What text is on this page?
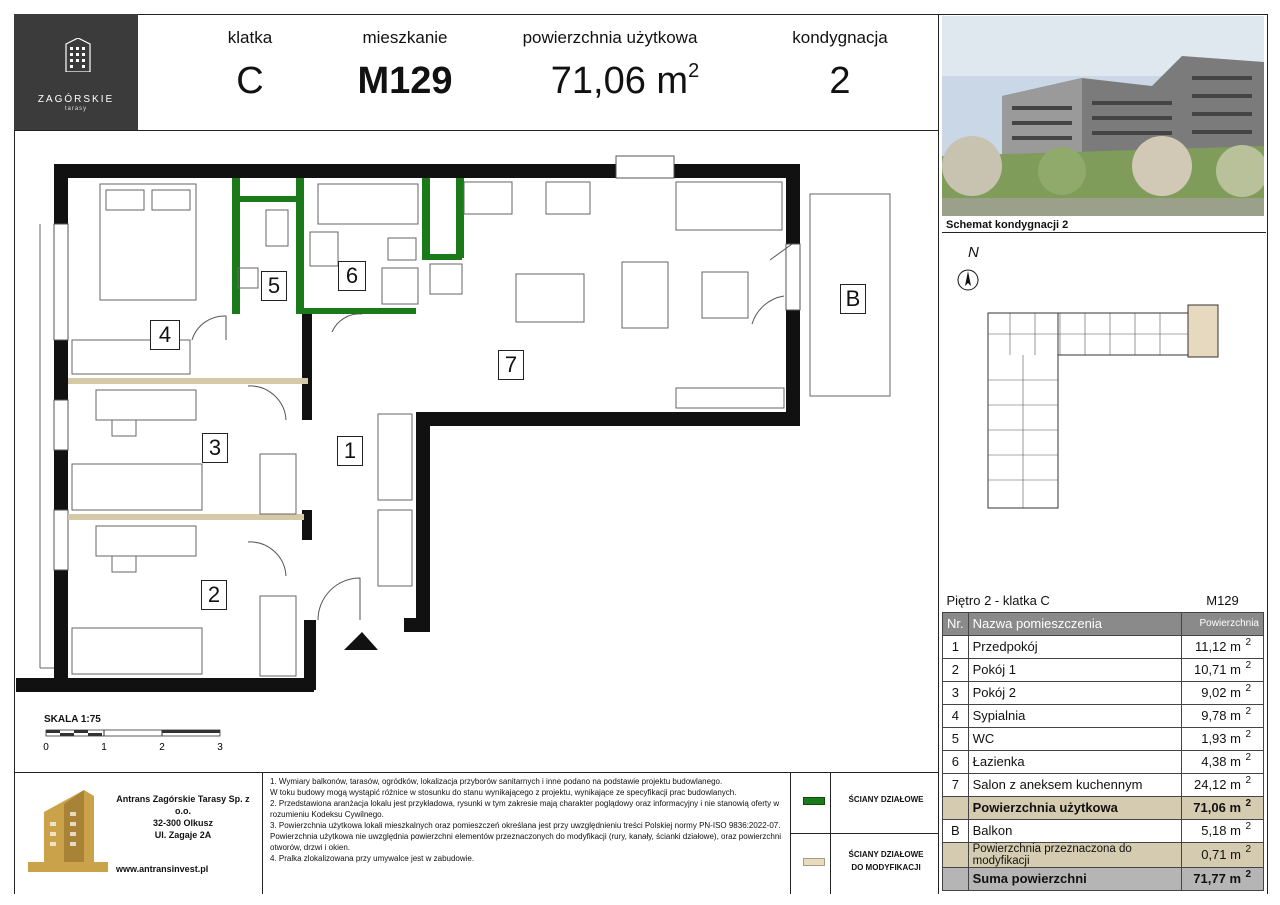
ZAGÓRSKIE
tarasy
klatka
C
mieszkanie
M129
powierzchnia użytkowa
71,06 $m^2$
kondygnacja
2
4
5	6
7
3	1
2
B
Schemat kondygnacji 2
N
Piętro 2 - klatka C		M129
Nr.	Nazwa pomieszczenia	Powierzchnia
1	Przedpokój	11,12 m 2

2	Pokój 1	10,71 m 2

3	Pokój 2	9,02 m 2

4	Sypialnia	9,78 m 2

5	WC	1,93 m 2

6	Łazienka	4,38 m 2

7	Salon z aneksem kuchennym	24,12 m 2

	Powierzchnia użytkowa	71,06 m 2

B	Balkon	5,18 m 2

	Powierzchnia przeznaczona do modyfikacji	0,71 m 2

	Suma powierzchni	71,77 m 2
SKALA 1:75
0	1	2	3
Antrans Zagórskie Tarasy Sp. z o.o.
32-300 Olkusz
Ul. Zagaje 2A
www.antransinvest.pl
1. Wymiary balkonów, tarasów, ogródków, lokalizacja przyborów sanitarnych i inne podano na podstawie projektu budowlanego.
W toku budowy mogą wystąpić różnice w stosunku do stanu wynikającego z projektu, wynikające ze specyfikacji prac budowlanych.
2. Przedstawiona aranżacja lokalu jest przykładowa, rysunki w tym zakresie mają charakter poglądowy oraz informacyjny i nie stanowią oferty w
rozumieniu Kodeksu Cywilnego.
3. Powierzchnia użytkowa lokali mieszkalnych oraz pomieszczeń określana jest przy uwzględnieniu treści Polskiej normy PN-ISO 9836:2022-07.
Powierzchnia użytkowa nie uwzględnia powierzchni elementów przeznaczonych do modyfikacji (rury, kanały, ścianki działowe), oraz powierzchni
otworów, drzwi i okien.
4. Pralka zlokalizowana przy umywalce jest w zabudowie.
ŚCIANY DZIAŁOWE
ŚCIANY DZIAŁOWE
DO MODYFIKACJI
